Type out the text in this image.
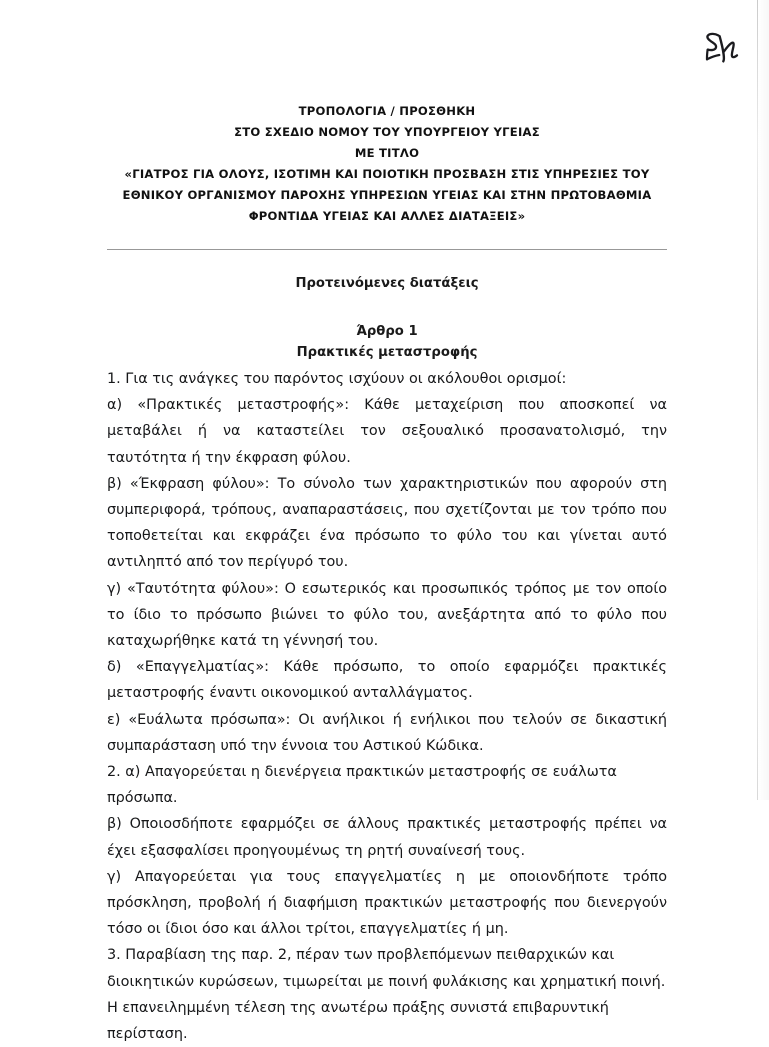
ΤΡΟΠΟΛΟΓΙΑ / ΠΡΟΣΘΗΚΗ
ΣΤΟ ΣΧΕΔΙΟ ΝΟΜΟΥ ΤΟΥ ΥΠΟΥΡΓΕΙΟΥ ΥΓΕΙΑΣ
ΜΕ ΤΙΤΛΟ
«ΓΙΑΤΡΟΣ ΓΙΑ ΟΛΟΥΣ, ΙΣΟΤΙΜΗ ΚΑΙ ΠΟΙΟΤΙΚΗ ΠΡΟΣΒΑΣΗ ΣΤΙΣ ΥΠΗΡΕΣΙΕΣ ΤΟΥ ΕΘΝΙΚΟΥ ΟΡΓΑΝΙΣΜΟΥ ΠΑΡΟΧΗΣ ΥΠΗΡΕΣΙΩΝ ΥΓΕΙΑΣ ΚΑΙ ΣΤΗΝ ΠΡΩΤΟΒΑΘΜΙΑ ΦΡΟΝΤΙΔΑ ΥΓΕΙΑΣ ΚΑΙ ΑΛΛΕΣ ΔΙΑΤΑΞΕΙΣ»
Προτεινόμενες διατάξεις
Άρθρο 1
Πρακτικές μεταστροφής

1. Για τις ανάγκες του παρόντος ισχύουν οι ακόλουθοι ορισμοί:

α) «Πρακτικές μεταστροφής»: Κάθε μεταχείριση που αποσκοπεί να μεταβάλει ή να καταστείλει τον σεξουαλικό προσανατολισμό, την ταυτότητα ή την έκφραση φύλου.

β) «Έκφραση φύλου»: Το σύνολο των χαρακτηριστικών που αφορούν στη συμπεριφορά, τρόπους, αναπαραστάσεις, που σχετίζονται με τον τρόπο που τοποθετείται και εκφράζει ένα πρόσωπο το φύλο του και γίνεται αυτό αντιληπτό από τον περίγυρό του.

γ) «Ταυτότητα φύλου»: Ο εσωτερικός και προσωπικός τρόπος με τον οποίο το ίδιο το πρόσωπο βιώνει το φύλο του, ανεξάρτητα από το φύλο που καταχωρήθηκε κατά τη γέννησή του.

δ) «Επαγγελματίας»: Κάθε πρόσωπο, το οποίο εφαρμόζει πρακτικές μεταστροφής έναντι οικονομικού ανταλλάγματος.

ε) «Ευάλωτα πρόσωπα»: Οι ανήλικοι ή ενήλικοι που τελούν σε δικαστική συμπαράσταση υπό την έννοια του Αστικού Κώδικα.

2. α) Απαγορεύεται η διενέργεια πρακτικών μεταστροφής σε ευάλωτα πρόσωπα.

β) Οποιοσδήποτε εφαρμόζει σε άλλους πρακτικές μεταστροφής πρέπει να έχει εξασφαλίσει προηγουμένως τη ρητή συναίνεσή τους.

γ) Απαγορεύεται για τους επαγγελματίες η με οποιονδήποτε τρόπο πρόσκληση, προβολή ή διαφήμιση πρακτικών μεταστροφής που διενεργούν τόσο οι ίδιοι όσο και άλλοι τρίτοι, επαγγελματίες ή μη.

3. Παραβίαση της παρ. 2, πέραν των προβλεπόμενων πειθαρχικών και διοικητικών κυρώσεων, τιμωρείται με ποινή φυλάκισης και χρηματική ποινή. Η επανειλημμένη τέλεση της ανωτέρω πράξης συνιστά επιβαρυντική περίσταση.
